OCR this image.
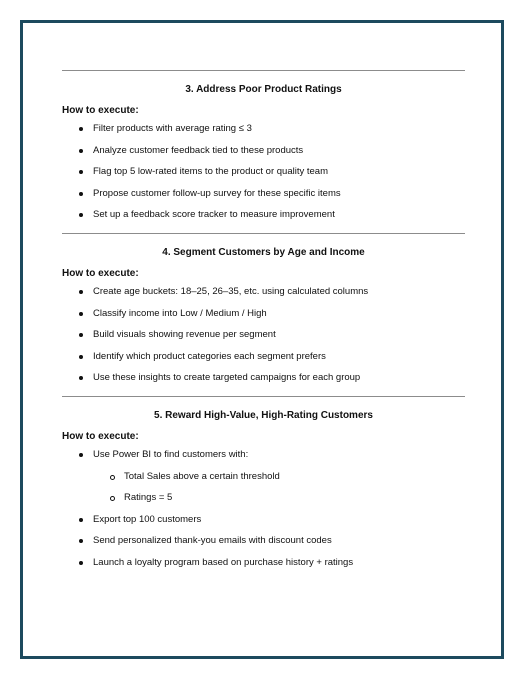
3. Address Poor Product Ratings
How to execute:
Filter products with average rating ≤ 3
Analyze customer feedback tied to these products
Flag top 5 low-rated items to the product or quality team
Propose customer follow-up survey for these specific items
Set up a feedback score tracker to measure improvement
4. Segment Customers by Age and Income
How to execute:
Create age buckets: 18–25, 26–35, etc. using calculated columns
Classify income into Low / Medium / High
Build visuals showing revenue per segment
Identify which product categories each segment prefers
Use these insights to create targeted campaigns for each group
5. Reward High-Value, High-Rating Customers
How to execute:
Use Power BI to find customers with:
Total Sales above a certain threshold
Ratings = 5
Export top 100 customers
Send personalized thank-you emails with discount codes
Launch a loyalty program based on purchase history + ratings
